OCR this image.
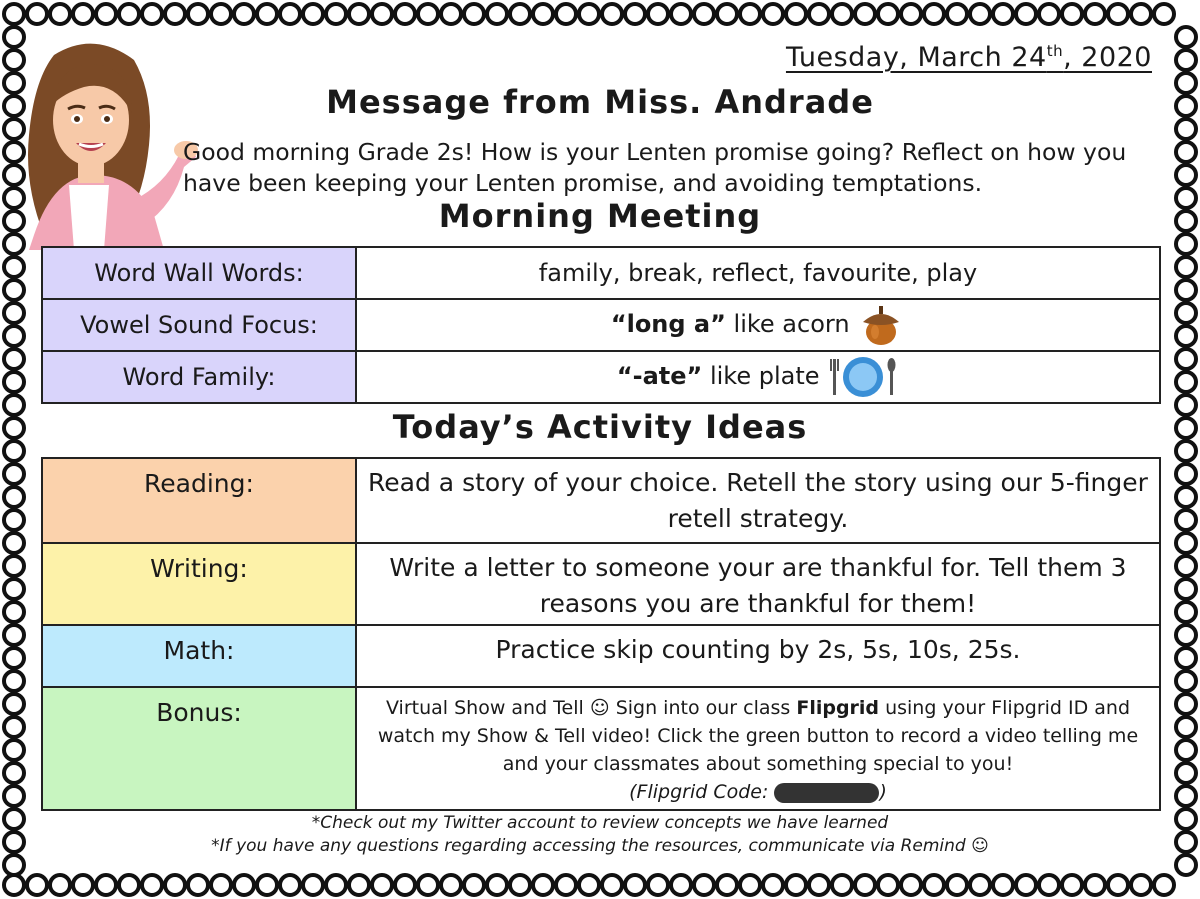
Tuesday, March 24th, 2020
Message from Miss. Andrade
Good morning Grade 2s! How is your Lenten promise going? Reflect on how you have been keeping your Lenten promise, and avoiding temptations.
Morning Meeting
Word Wall Words:	family, break, reflect, favourite, play
Vowel Sound Focus:	“long a” like acorn
Word Family:	“-ate” like plate
Today’s Activity Ideas
Reading:	Read a story of your choice. Retell the story using our 5-finger retell strategy.
Writing:	Write a letter to someone your are thankful for. Tell them 3 reasons you are thankful for them!
Math:	Practice skip counting by 2s, 5s, 10s, 25s.
Bonus:	Virtual Show and Tell ☺ Sign into our class Flipgrid using your Flipgrid ID and watch my Show & Tell video! Click the green button to record a video telling me and your classmates about something special to you!
(Flipgrid Code: )
*Check out my Twitter account to review concepts we have learned
*If you have any questions regarding accessing the resources, communicate via Remind ☺
